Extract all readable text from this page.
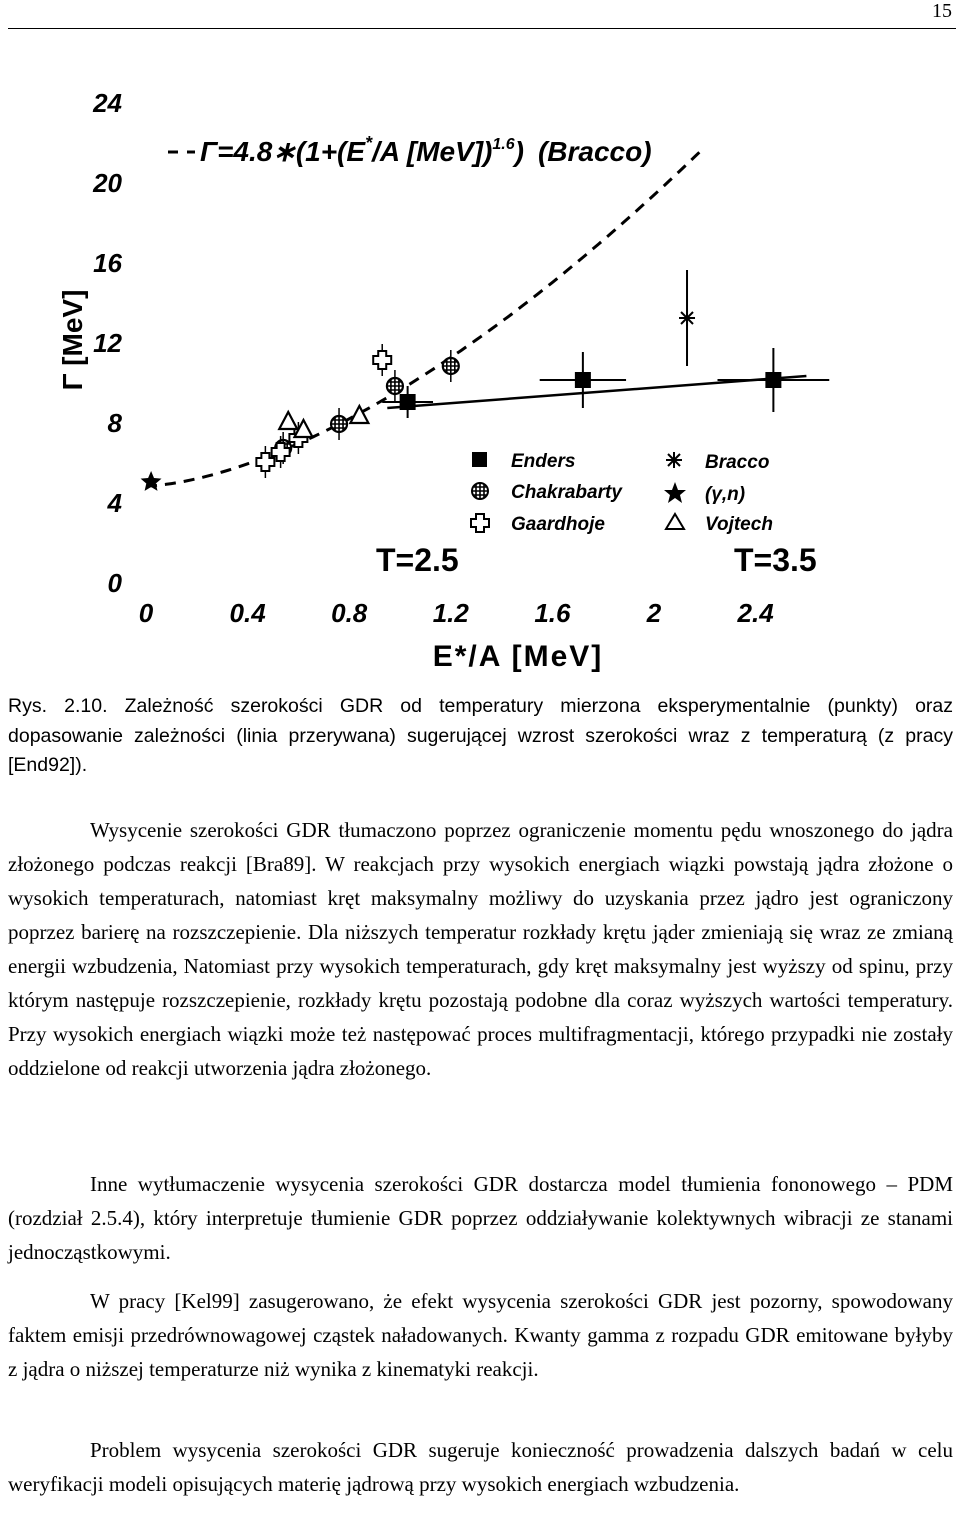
15
Γ=4.8∗(1+(E*/A [MeV])$^{1.6}$) (Bracco)
0
4
8
12
16
20
24
0	0.4	0.8	1.2	1.6	2	2.4
Enders	Bracco
Chakrabarty	(γ,n)
Gaardhoje	Vojtech
T=2.5	T=3.5
Γ [MeV]
E*/A [MeV]

Rys. 2.10. Zależność szerokości GDR od temperatury mierzona eksperymentalnie (punkty) oraz dopasowanie zależności (linia przerywana) sugerującej wzrost szerokości wraz z temperaturą (z pracy [End92]).

Wysycenie szerokości GDR tłumaczono poprzez ograniczenie momentu pędu wnoszonego do jądra złożonego podczas reakcji [Bra89]. W reakcjach przy wysokich energiach wiązki powstają jądra złożone o wysokich temperaturach, natomiast kręt maksymalny możliwy do uzyskania przez jądro jest ograniczony poprzez barierę na rozszczepienie. Dla niższych temperatur rozkłady krętu jąder zmieniają się wraz ze zmianą energii wzbudzenia, Natomiast przy wysokich temperaturach, gdy kręt maksymalny jest wyższy od spinu, przy którym następuje rozszczepienie, rozkłady krętu pozostają podobne dla coraz wyższych wartości temperatury. Przy wysokich energiach wiązki może też następować proces multifragmentacji, którego przypadki nie zostały oddzielone od reakcji utworzenia jądra złożonego.

Inne wytłumaczenie wysycenia szerokości GDR dostarcza model tłumienia fononowego – PDM (rozdział 2.5.4), który interpretuje tłumienie GDR poprzez oddziaływanie kolektywnych wibracji ze stanami jednocząstkowymi.

W pracy [Kel99] zasugerowano, że efekt wysycenia szerokości GDR jest pozorny, spowodowany faktem emisji przedrównowagowej cząstek naładowanych. Kwanty gamma z rozpadu GDR emitowane byłyby z jądra o niższej temperaturze niż wynika z kinematyki reakcji.

Problem wysycenia szerokości GDR sugeruje konieczność prowadzenia dalszych badań w celu weryfikacji modeli opisujących materię jądrową przy wysokich energiach wzbudzenia.
